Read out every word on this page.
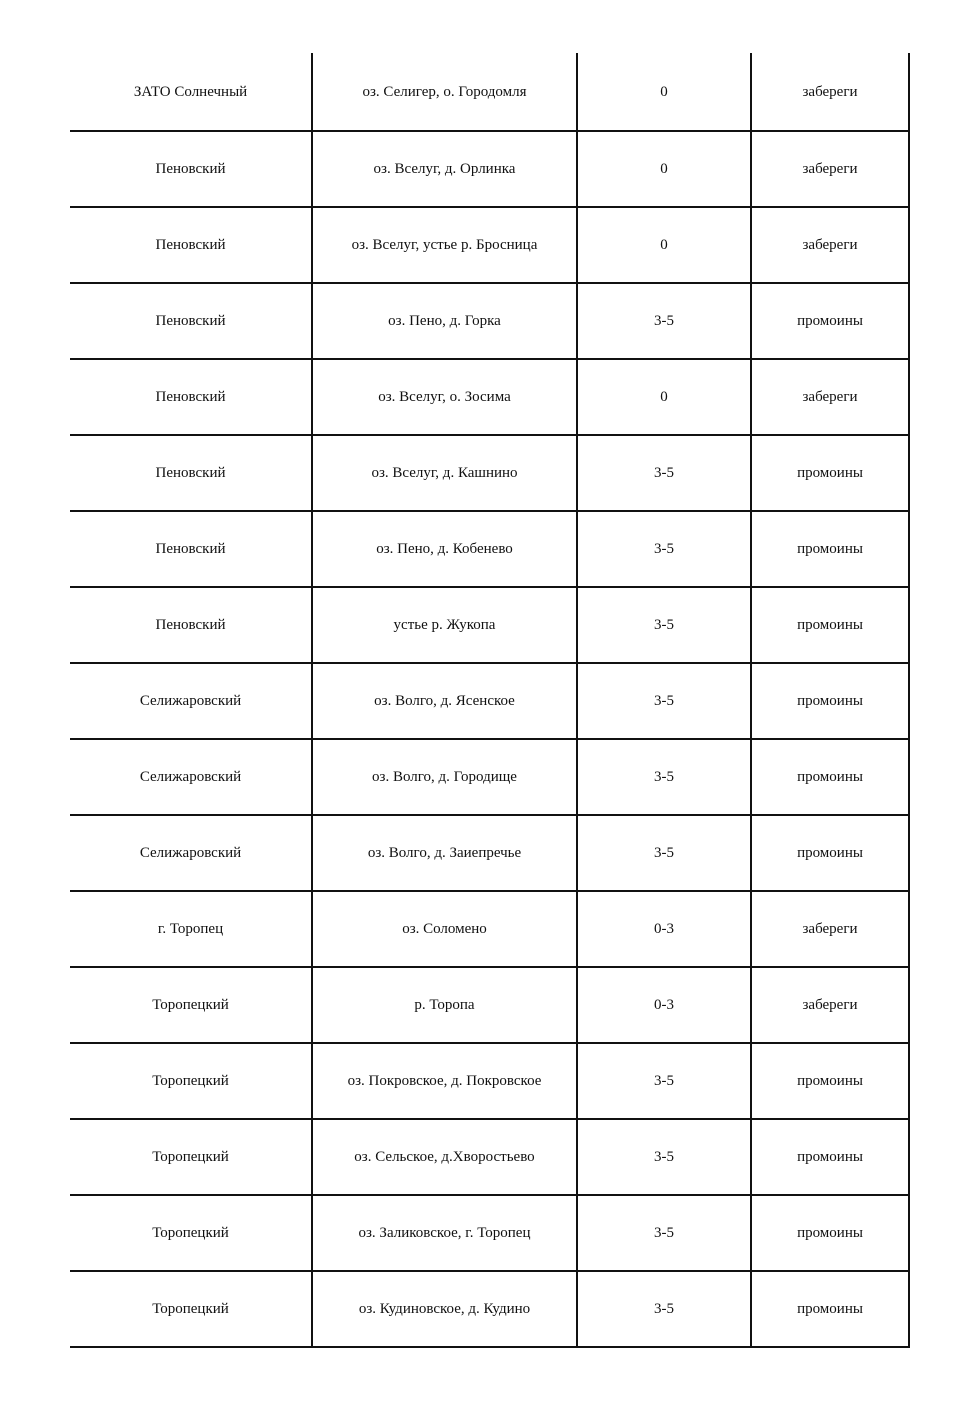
ЗАТО Солнечный	оз. Селигер, о. Городомля	0	забереги
Пеновский	оз. Вселуг, д. Орлинка	0	забереги
Пеновский	оз. Вселуг, устье р. Бросница	0	забереги
Пеновский	оз. Пено, д. Горка	3-5	промоины
Пеновский	оз. Вселуг, о. Зосима	0	забереги
Пеновский	оз. Вселуг, д. Кашнино	3-5	промоины
Пеновский	оз. Пено, д. Кобенево	3-5	промоины
Пеновский	устье р. Жукопа	3-5	промоины
Селижаровский	оз. Волго, д. Ясенское	3-5	промоины
Селижаровский	оз. Волго, д. Городище	3-5	промоины
Селижаровский	оз. Волго, д. Заиепречье	3-5	промоины
г. Торопец	оз. Соломено	0-3	забереги
Торопецкий	р. Торопа	0-3	забереги
Торопецкий	оз. Покровское, д. Покровское	3-5	промоины
Торопецкий	оз. Сельское, д.Хворостьево	3-5	промоины
Торопецкий	оз. Заликовское, г. Торопец	3-5	промоины
Торопецкий	оз. Кудиновское, д. Кудино	3-5	промоины
